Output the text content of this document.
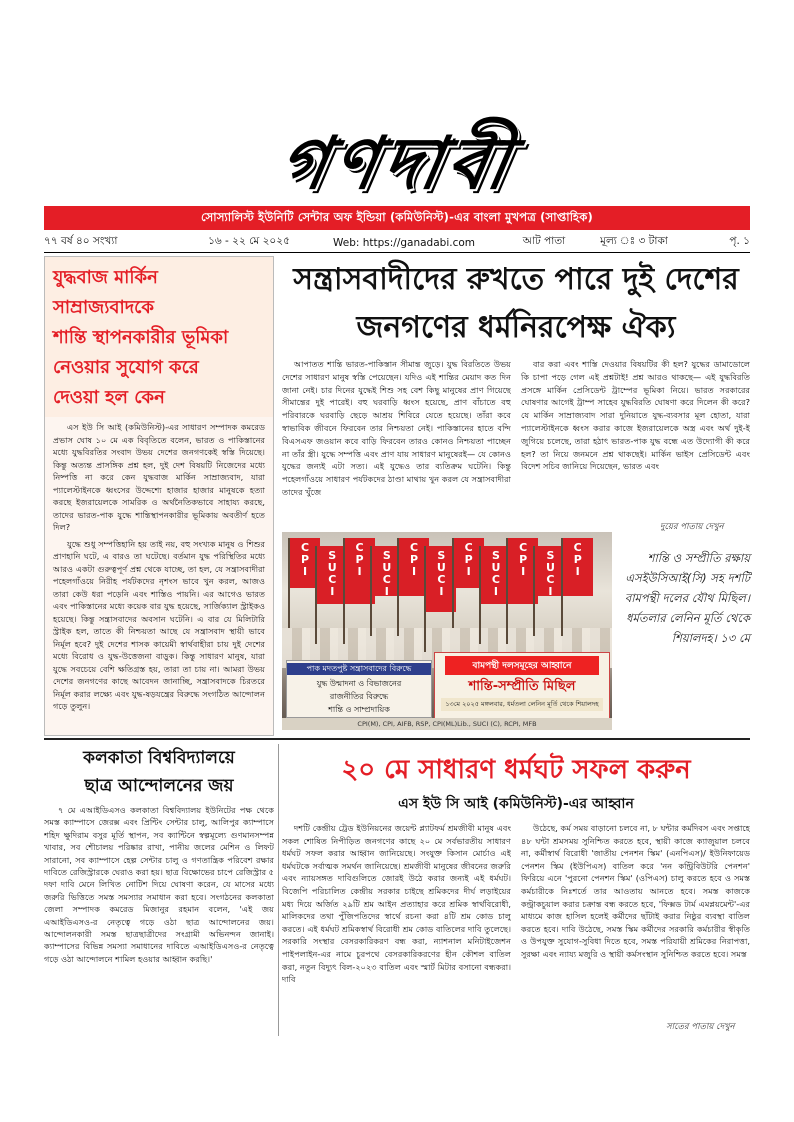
গণদাবী
সোস্যালিস্ট ইউনিটি সেন্টার অফ ইন্ডিয়া (কমিউনিস্ট)-এর বাংলা মুখপত্র (সাপ্তাহিক)
৭৭ বর্ষ ৪০ সংখ্যা	১৬ - ২২ মে ২০২৫	Web: https://ganadabi.com	আট পাতা	মূল্য ঃ ৩ টাকা	পৃ. ১
যুদ্ধবাজ মার্কিন সাম্রাজ্যবাদকে
শান্তি স্থাপনকারীর ভূমিকা
নেওয়ার সুযোগ করে
দেওয়া হল কেন

এস ইউ সি আই (কমিউনিস্ট)-এর সাধারণ সম্পাদক কমরেড প্রভাস ঘোষ ১০ মে এক বিবৃতিতে বলেন, ভারত ও পাকিস্তানের মধ্যে যুদ্ধবিরতির সংবাদ উভয় দেশের জনগণকেই স্বস্তি দিয়েছে। কিন্তু অত্যন্ত প্রাসঙ্গিক প্রশ্ন হল, দুই দেশ বিষয়টি নিজেদের মধ্যে নিষ্পত্তি না করে কেন যুদ্ধবাজ মার্কিন সাম্রাজ্যবাদ, যারা প্যালেস্টাইনকে ধ্বংসের উদ্দেশ্যে হাজার হাজার মানুষকে হত্যা করছে ইজরায়েলকে সামরিক ও অর্থনৈতিকভাবে সাহায্য করছে, তাদের ভারত-পাক যুদ্ধে শান্তিস্থাপনকারীর ভূমিকায় অবতীর্ণ হতে দিল?

যুদ্ধে শুধু সম্পত্তিহানি হয় তাই নয়, বহু সংখ্যক মানুষ ও শিশুর প্রাণহানি ঘটে, এ বারও তা ঘটেছে। বর্তমান যুদ্ধ পরিস্থিতির মধ্যে আরও একটা গুরুত্বপূর্ণ প্রশ্ন থেকে যাচ্ছে, তা হল, যে সন্ত্রাসবাদীরা পহেলগাঁওয়ে নিরীহ পর্যটকদের নৃশংস ভাবে খুন করল, আজও তারা কেউ ধরা পড়েনি এবং শাস্তিও পায়নি। এর আগেও ভারত এবং পাকিস্তানের মধ্যে কয়েক বার যুদ্ধ হয়েছে, সার্জিক্যাল স্ট্রাইকও হয়েছে। কিন্তু সন্ত্রাসবাদের অবসান ঘটেনি। এ বার যে মিলিটারি স্ট্রাইক হল, তাতে কী নিশ্চয়তা আছে যে সন্ত্রাসবাদ স্থায়ী ভাবে নির্মূল হবে? দুই দেশের শাসক কায়েমী স্বার্থবাহীরা চায় দুই দেশের মধ্যে বিরোধ ও যুদ্ধ-উত্তেজনা বাড়ুক। কিন্তু সাধারণ মানুষ, যারা যুদ্ধে সবচেয়ে বেশি ক্ষতিগ্রস্ত হয়, তারা তা চায় না। আমরা উভয় দেশের জনগণের কাছে আবেদন জানাচ্ছি, সন্ত্রাসবাদকে চিরতরে নির্মূল করার লক্ষ্যে এবং যুদ্ধ-ষড়যন্ত্রের বিরুদ্ধে সংগঠিত আন্দোলন গড়ে তুলুন।

সন্ত্রাসবাদীদের রুখতে পারে দুই দেশের
জনগণের ধর্মনিরপেক্ষ ঐক্য

আপাতত শান্তি ভারত-পাকিস্তান সীমান্ত জুড়ে। যুদ্ধ বিরতিতে উভয় দেশের সাধারণ মানুষ স্বস্তি পেয়েছেন। যদিও এই শান্তির মেয়াদ কত দিন জানা নেই। চার দিনের যুদ্ধেই শিশু সহ বেশ কিছু মানুষের প্রাণ গিয়েছে সীমান্তের দুই পারেই। বহু ঘরবাড়ি ধ্বংস হয়েছে, প্রাণ বাঁচাতে বহু পরিবারকে ঘরবাড়ি ছেড়ে আশ্রয় শিবিরে যেতে হয়েছে। তাঁরা কবে স্বাভাবিক জীবনে ফিরবেন তার নিশ্চয়তা নেই। পাকিস্তানের হাতে বন্দি বিএসএফ জওয়ান কবে বাড়ি ফিরবেন তারও কোনও নিশ্চয়তা পাচ্ছেন না তাঁর স্ত্রী। যুদ্ধে সম্পত্তি এবং প্রাণ যায় সাধারণ মানুষেরই— যে কোনও যুদ্ধের জন্যই এটা সত্য। এই যুদ্ধেও তার ব্যতিক্রম ঘটেনি। কিন্তু পহেলগাঁওয়ে সাধারণ পর্যটকদের ঠাণ্ডা মাথায় খুন করল যে সন্ত্রাসবাদীরা তাদের খুঁজে

বার করা এবং শাস্তি দেওয়ার বিষয়টির কী হল? যুদ্ধের ডামাডোলে কি চাপা পড়ে গেল এই প্রশ্নটাই! প্রশ্ন আরও থাকছে— এই যুদ্ধবিরতি প্রসঙ্গে মার্কিন প্রেসিডেন্ট ট্রাম্পের ভূমিকা নিয়ে। ভারত সরকারের ঘোষণার আগেই ট্রাম্প সাহেব যুদ্ধবিরতি ঘোষণা করে দিলেন কী করে? যে মার্কিন সাম্রাজ্যবাদ সারা দুনিয়াতে যুদ্ধ-ব্যবসার মূল হোতা, যারা প্যালেস্টাইনকে ধ্বংস করার কাজে ইজরায়েলকে অস্ত্র এবং অর্থ দুই-ই জুগিয়ে চলেছে, তারা হঠাৎ ভারত-পাক যুদ্ধ বন্ধে এত উদ্যোগী কী করে হল? তা নিয়ে জনমনে প্রশ্ন থাকছেই। মার্কিন ভাইস প্রেসিডেন্ট এবং বিদেশ সচিব জানিয়ে দিয়েছেন, ভারত এবং

দুয়ের পাতায় দেখুন
C
P
I
S
U
C
I
C
P
I
S
U
C
I
C
P
I
S
U
C
I
C
P
I
S
U
C
I
C
P
I
S
U
C
I
C
P
I
পাক মদতপুষ্ট সন্ত্রাসবাদের বিরুদ্ধে
যুদ্ধ উন্মাদনা ও বিভাজনের
রাজনীতির বিরুদ্ধে
শান্তি ও সাম্প্রদায়িক
বামপন্থী দলসমূহের আহ্বানে
শান্তি-সম্প্রীতি মিছিল
১৩মে ২০২৫ মঙ্গলবার, ধর্মতলা লেনিন মূর্তি থেকে শিয়ালদহ
CPI(M), CPI, AIFB, RSP, CPI(ML)Lib., SUCI (C), RCPI, MFB
শান্তি ও সম্প্রীতি রক্ষায় এসইউসিআই(সি) সহ দশটি বামপন্থী দলের যৌথ মিছিল। ধর্মতলার লেনিন মূর্তি থেকে শিয়ালদহ। ১৩ মে
কলকাতা বিশ্ববিদ্যালয়ে
ছাত্র আন্দোলনের জয়

৭ মে এআইডিএসও কলকাতা বিশ্ববিদ্যালয় ইউনিটের পক্ষ থেকে সমস্ত ক্যাম্পাসে জেরক্স এবং প্রিন্টিং সেন্টার চালু, আলিপুর ক্যাম্পাসে শহিদ ক্ষুদিরাম বসুর মূর্তি স্থাপন, সব ক্যান্টিনে স্বল্পমূল্যে গুণমানসম্পন্ন খাবার, সব শৌচালয় পরিষ্কার রাখা, পানীয় জলের মেশিন ও লিফট সারানো, সব ক্যাম্পাসে হেল্প সেন্টার চালু ও গণতান্ত্রিক পরিবেশ রক্ষার দাবিতে রেজিস্ট্রারকে ঘেরাও করা হয়। ছাত্র বিক্ষোভের চাপে রেজিস্ট্রার ৫ দফা দাবি মেনে লিখিত নোটিশ দিয়ে ঘোষণা করেন, যে মাসের মধ্যে জরুরি ভিত্তিতে সমস্ত সমস্যার সমাধান করা হবে। সংগঠনের কলকাতা জেলা সম্পাদক কমরেড মিজানুর রহমান বলেন, 'এই জয় এআইডিএসও-র নেতৃত্বে গড়ে ওঠা ছাত্র আন্দোলনের জয়। আন্দোলনকারী সমস্ত ছাত্রছাত্রীদের সংগ্রামী অভিনন্দন জানাই। ক্যাম্পাসের বিভিন্ন সমস্যা সমাধানের দাবিতে এআইডিএসও-র নেতৃত্বে গড়ে ওঠা আন্দোলনে শামিল হওয়ার আহ্বান করছি।'

২০ মে সাধারণ ধর্মঘট সফল করুন
এস ইউ সি আই (কমিউনিস্ট)-এর আহ্বান

দশটি কেন্দ্রীয় ট্রেড ইউনিয়নের জয়েন্ট প্ল্যাটফর্ম শ্রমজীবী মানুষ এবং সকল শোষিত নিপীড়িত জনগণের কাছে ২০ মে সর্বভারতীয় সাধারণ ধর্মঘট সফল করার আহ্বান জানিয়েছে। সংযুক্ত কিসান মোর্চাও এই ধর্মঘটকে সর্বাত্মক সমর্থন জানিয়েছে। শ্রমজীবী মানুষের জীবনের জরুরি এবং ন্যায়সঙ্গত দাবিগুলিতে জোরই উঠে করার জন্যই এই ধর্মঘট। বিজেপি পরিচালিত কেন্দ্রীয় সরকার চাইছে শ্রমিকদের দীর্ঘ লড়াইয়ের মধ্য দিয়ে অর্জিত ২৯টি শ্রম আইন প্রত্যাহার করে শ্রমিক স্বার্থবিরোধী, মালিকদের তথা পুঁজিপতিদের স্বার্থে রচনা করা ৪টি শ্রম কোড চালু করতে। এই ধর্মঘট শ্রমিকস্বার্থ বিরোধী শ্রম কোড বাতিলের দাবি তুলেছে। সরকারি সংস্থার বেসরকারিকরণ বন্ধ করা, ন্যাশনাল মনিটাইজেশন পাইপলাইন-এর নামে চুরপথে বেসরকারিকরণের হীন কৌশল বাতিল করা, নতুন বিদ্যুৎ বিল-২০২৩ বাতিল এবং স্মার্ট মিটার বসানো বন্ধকরা। দাবি

উঠেছে, কর্ম সময় বাড়ানো চলবে না, ৮ ঘন্টার কর্মদিবস এবং সপ্তাহে ৪৮ ঘন্টা শ্রমসময় সুনিশ্চিত করতে হবে, স্থায়ী কাজে ক্যাজুয়াল চলবে না, কর্মীস্বার্থ বিরোধী 'জাতীয় পেনশন স্কিম' (এনপিএস)/ ইউনিফায়েড পেনশন স্কিম (ইউপিএস) বাতিল করে 'নন কন্ট্রিবিউটরি পেনশন' ফিরিয়ে এনে 'পুরনো পেনশন স্কিম' (ওপিএস) চালু করতে হবে ও সমস্ত কর্মচারীকে নিঃশর্তে তার আওতায় আনতে হবে। সমস্ত কাজকে কন্ট্রাকচুয়াল করার চক্রান্ত বন্ধ করতে হবে, 'ফিক্সড টার্ম এমপ্লয়মেন্ট'-এর মাধ্যমে কাজ হাসিল হলেই কর্মীদের ছাঁটাই করার নিষ্ঠুর ব্যবস্থা বাতিল করতে হবে। দাবি উঠেছে, সমস্ত স্কিম কর্মীদের সরকারি কর্মচারীর স্বীকৃতি ও উপযুক্ত সুযোগ-সুবিধা দিতে হবে, সমস্ত পরিযায়ী শ্রমিকের নিরাপত্তা, সুরক্ষা এবং ন্যায্য মজুরি ও স্থায়ী কর্মসংস্থান সুনিশ্চিত করতে হবে। সমস্ত

সাতের পাতায় দেখুন
